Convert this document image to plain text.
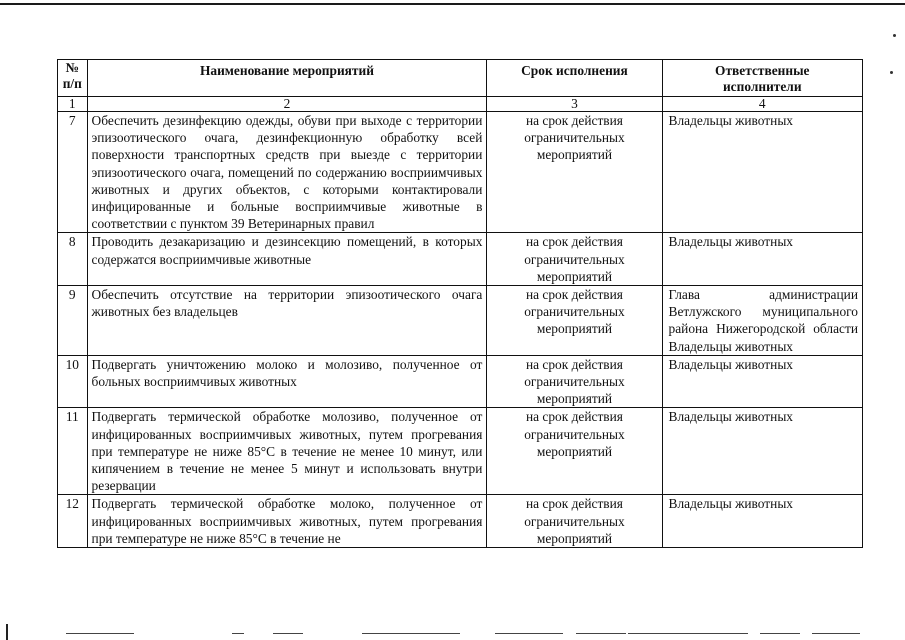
№ п/п	Наименование мероприятий	Срок исполнения	Ответственные исполнители
1	2	3	4
7	Обеспечить дезинфекцию одежды, обуви при выходе с территории эпизоотического очага, дезинфекционную обработку всей поверхности транспортных средств при выезде с территории эпизоотического очага, помещений по содержанию восприимчивых животных и других объектов, с которыми контактировали инфицированные и больные восприимчивые животные в соответствии с пунктом 39 Ветеринарных правил	на срок действия ограничительных мероприятий	Владельцы животных
8	Проводить дезакаризацию и дезинсекцию помещений, в которых содержатся восприимчивые животные	на срок действия ограничительных мероприятий	Владельцы животных
9	Обеспечить отсутствие на территории эпизоотического очага животных без владельцев	на срок действия ограничительных мероприятий	Глава администрации Ветлужского муниципального района Нижегородской области Владельцы животных
10	Подвергать уничтожению молоко и молозиво, полученное от больных восприимчивых животных	на срок действия ограничительных мероприятий	Владельцы животных
11	Подвергать термической обработке молозиво, полученное от инфицированных восприимчивых животных, путем прогревания при температуре не ниже 85°С в течение не менее 10 минут, или кипячением в течение не менее 5 минут и использовать внутри резервации	на срок действия ограничительных мероприятий	Владельцы животных
12	Подвергать термической обработке молоко, полученное от инфицированных восприимчивых животных, путем прогревания при температуре не ниже 85°С в течение не	на срок действия ограничительных мероприятий	Владельцы животных
